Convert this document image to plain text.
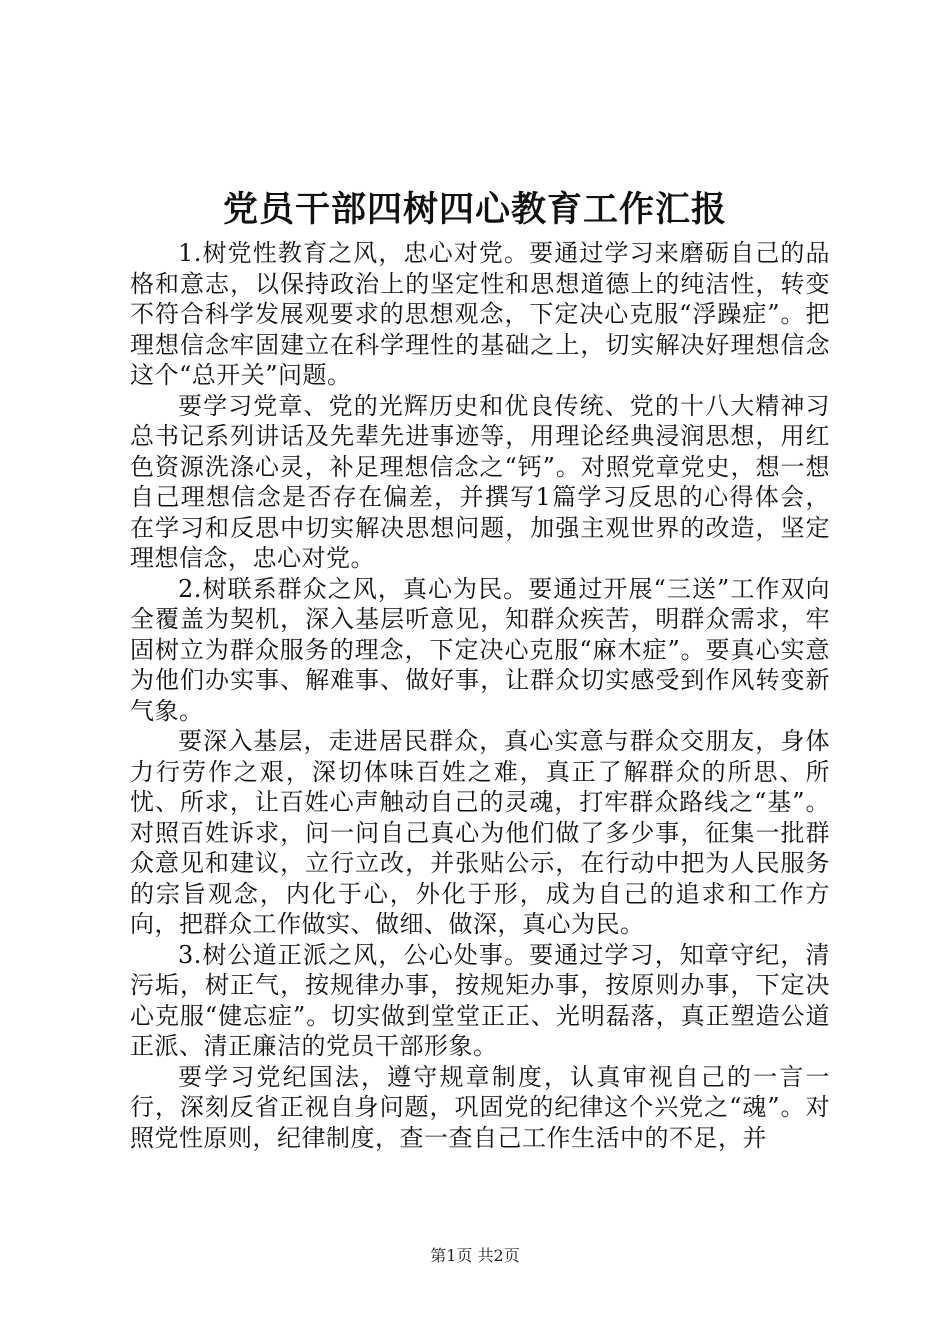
党员干部四树四心教育工作汇报

1.树党性教育之风，忠心对党。要通过学习来磨砺自己的品格和意志，以保持政治上的坚定性和思想道德上的纯洁性，转变不符合科学发展观要求的思想观念，下定决心克服“浮躁症”。把理想信念牢固建立在科学理性的基础之上，切实解决好理想信念这个“总开关”问题。

要学习党章、党的光辉历史和优良传统、党的十八大精神习总书记系列讲话及先辈先进事迹等，用理论经典浸润思想，用红色资源洗涤心灵，补足理想信念之“钙”。对照党章党史，想一想自己理想信念是否存在偏差，并撰写1篇学习反思的心得体会，在学习和反思中切实解决思想问题，加强主观世界的改造，坚定理想信念，忠心对党。

2.树联系群众之风，真心为民。要通过开展“三送”工作双向全覆盖为契机，深入基层听意见，知群众疾苦，明群众需求，牢固树立为群众服务的理念，下定决心克服“麻木症”。要真心实意为他们办实事、解难事、做好事，让群众切实感受到作风转变新气象。

要深入基层，走进居民群众，真心实意与群众交朋友，身体力行劳作之艰，深切体味百姓之难，真正了解群众的所思、所忧、所求，让百姓心声触动自己的灵魂，打牢群众路线之“基”。对照百姓诉求，问一问自己真心为他们做了多少事，征集一批群众意见和建议，立行立改，并张贴公示，在行动中把为人民服务的宗旨观念，内化于心，外化于形，成为自己的追求和工作方向，把群众工作做实、做细、做深，真心为民。

3.树公道正派之风，公心处事。要通过学习，知章守纪，清污垢，树正气，按规律办事，按规矩办事，按原则办事，下定决心克服“健忘症”。切实做到堂堂正正、光明磊落，真正塑造公道正派、清正廉洁的党员干部形象。

要学习党纪国法，遵守规章制度，认真审视自己的一言一行，深刻反省正视自身问题，巩固党的纪律这个兴党之“魂”。对照党性原则，纪律制度，查一查自己工作生活中的不足，并

第1页 共2页
